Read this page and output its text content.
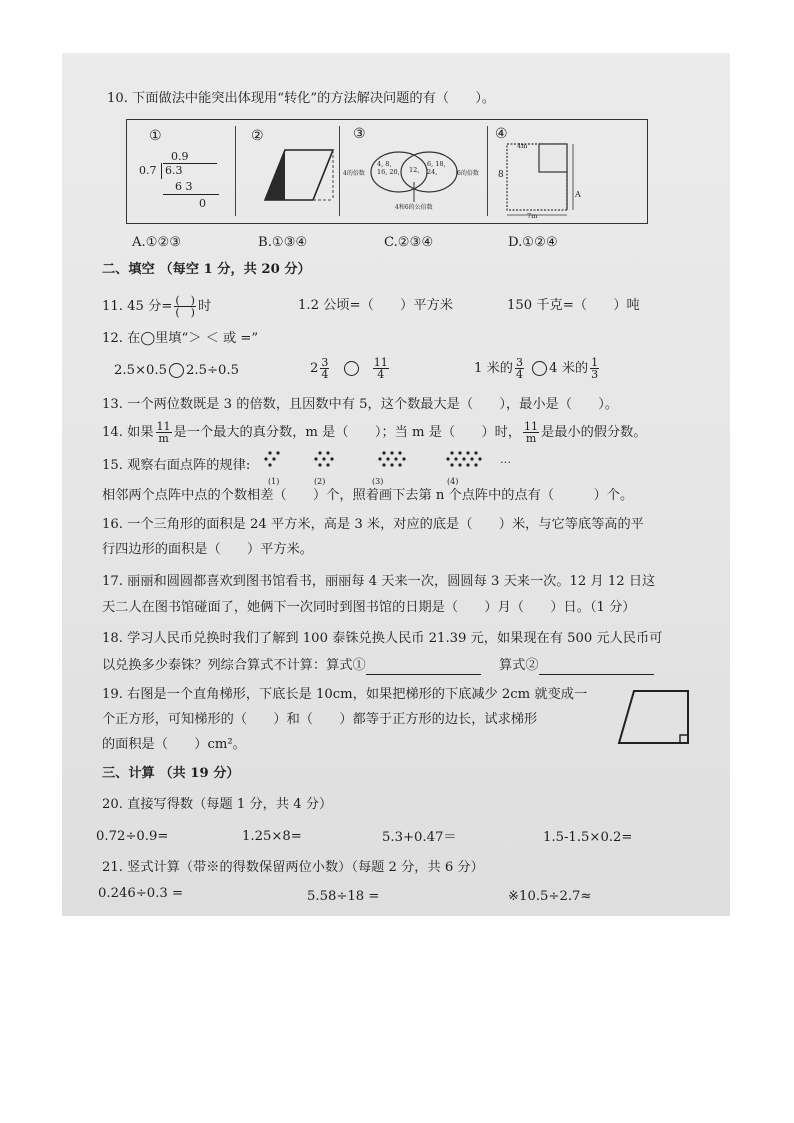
10. 下面做法中能突出体现用“转化”的方法解决问题的有（　　）。
①
0.9
0.7 6.3
6 3
0
②	③
4, 8,
16, 20, 12,
6, 18,
24,
4的倍数	6的倍数
4和6的公倍数
④
4m
8
7m
A
A.①②③	B.①③④	C.②③④	D.①②④
二、填空 （每空 1 分，共 20 分）
11. 45 分= $\frac{( )}{( )}$ 时	1.2 公顷=（　　）平方米	150 千克=（　　）吨
12. 在◯里填“＞ ＜ 或 =”
2.5×0.5 2.5÷0.5	$2 \frac{3}{4}$
	$\frac{11}{4}$	1 米的 $\frac{3}{4} 4$ 米的 $\frac{1}{3}$
13. 一个两位数既是 3 的倍数，且因数中有 5，这个数最大是（　　），最小是（　　）。
14. 如果 $\frac{11}{m}$ 是一个最大的真分数，m 是（　　）；当 m 是（　　）时， $\frac{11}{m}$ 是最小的假分数。
15. 观察右面点阵的规律:	…
(1)	(2)	(3)	(4)
相邻两个点阵中点的个数相差（　　）个，照着画下去第 n 个点阵中的点有（　　　）个。
16. 一个三角形的面积是 24 平方米，高是 3 米，对应的底是（　　）米，与它等底等高的平
行四边形的面积是（　　）平方米。
17. 丽丽和圆圆都喜欢到图书馆看书，丽丽每 4 天来一次，圆圆每 3 天来一次。12 月 12 日这
天二人在图书馆碰面了，她俩下一次同时到图书馆的日期是（　　）月（　　）日。（1 分）
18. 学习人民币兑换时我们了解到 100 泰铢兑换人民币 21.39 元，如果现在有 500 元人民币可
以兑换多少泰铢？列综合算式不计算：算式①	算式②
19. 右图是一个直角梯形，下底长是 10cm，如果把梯形的下底减少 2cm 就变成一
个正方形，可知梯形的（　　）和（　　）都等于正方形的边长，试求梯形
的面积是（　　）cm²。
三、计算 （共 19 分）
20. 直接写得数（每题 1 分，共 4 分）
0.72÷0.9=	1.25×8=	5.3+0.47＝	1.5-1.5×0.2=
21. 竖式计算（带※的得数保留两位小数）（每题 2 分，共 6 分）
0.246÷0.3 =	5.58÷18 =	※10.5÷2.7≈
